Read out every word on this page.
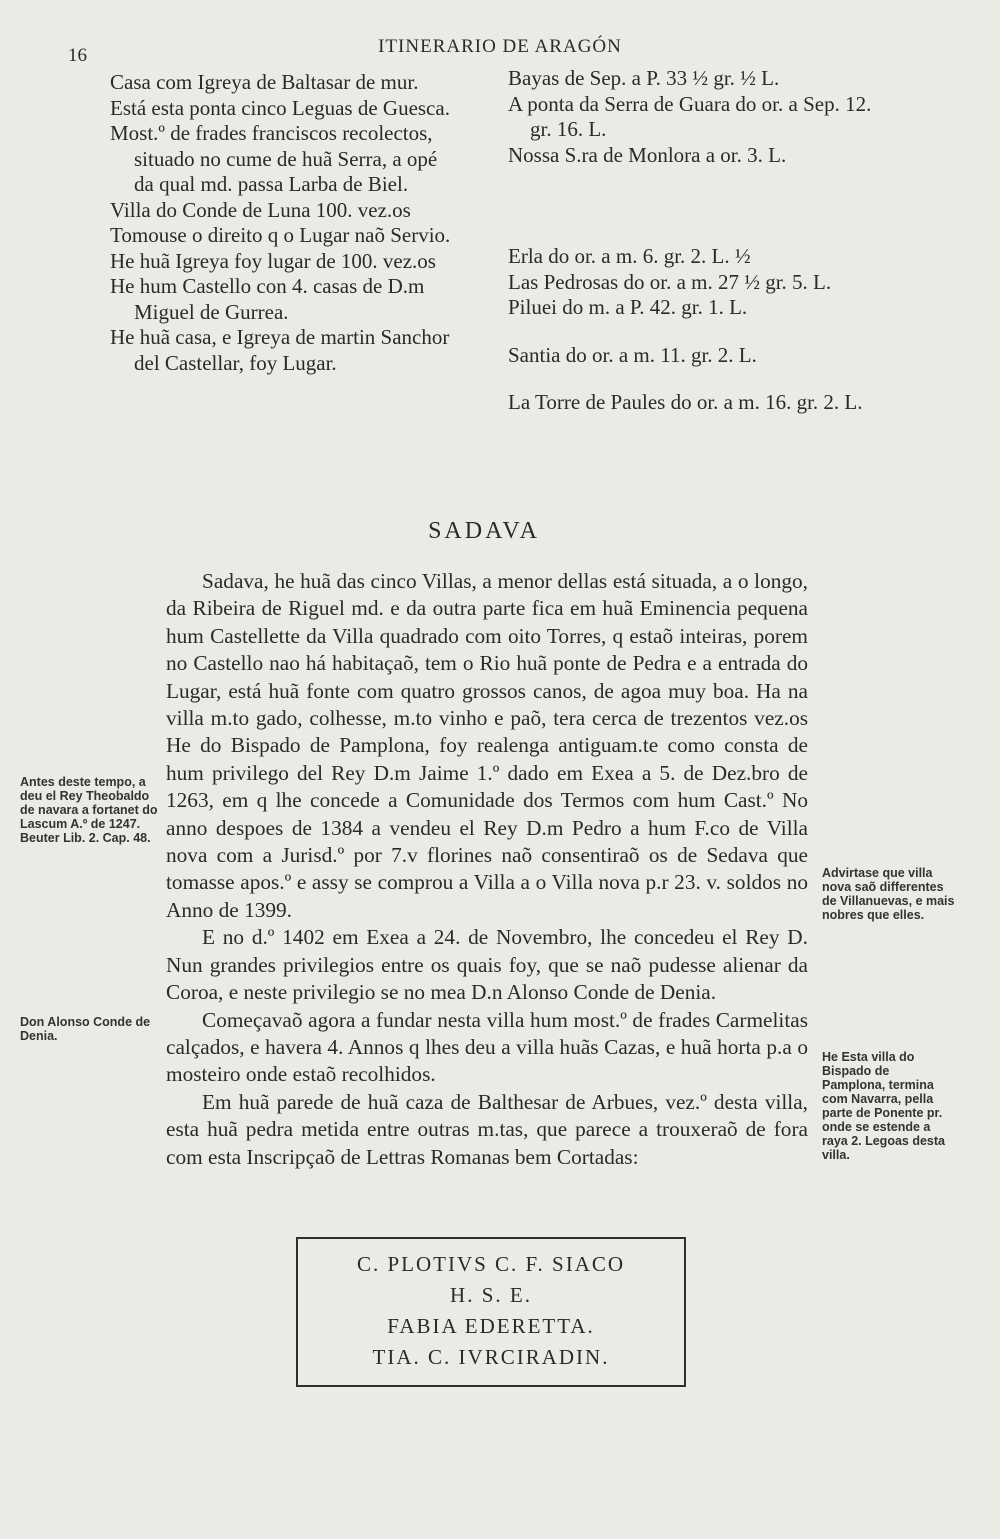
16	ITINERARIO DE ARAGÓN

Casa com Igreya de Baltasar de mur.

Está esta ponta cinco Leguas de Guesca.

Most.º de frades franciscos recolectos, situado no cume de huã Serra, a opé da qual md. passa Larba de Biel.

Villa do Conde de Luna 100. vez.os

Tomouse o direito q o Lugar naõ Servio.

He huã Igreya foy lugar de 100. vez.os

He hum Castello con 4. casas de D.m Miguel de Gurrea.

He huã casa, e Igreya de martin Sanchor del Castellar, foy Lugar.

Bayas de Sep. a P. 33 ½ gr. ½ L.

A ponta da Serra de Guara do or. a Sep. 12. gr. 16. L.

Nossa S.ra de Monlora a or. 3. L.

Erla do or. a m. 6. gr. 2. L. ½

Las Pedrosas do or. a m. 27 ½ gr. 5. L.

Piluei do m. a P. 42. gr. 1. L.

Santia do or. a m. 11. gr. 2. L.

La Torre de Paules do or. a m. 16. gr. 2. L.

SADAVA

Sadava, he huã das cinco Villas, a menor dellas está situada, a o longo, da Ribeira de Riguel md. e da outra parte fica em huã Eminencia pequena hum Castellette da Villa quadrado com oito Torres, q estaõ inteiras, porem no Castello nao há habitaçaõ, tem o Rio huã ponte de Pedra e a entrada do Lugar, está huã fonte com quatro grossos canos, de agoa muy boa. Ha na villa m.to gado, colhesse, m.to vinho e paõ, tera cerca de trezentos vez.os He do Bispado de Pamplona, foy realenga antiguam.te como consta de hum privilego del Rey D.m Jaime 1.º dado em Exea a 5. de Dez.bro de 1263, em q lhe concede a Comunidade dos Termos com hum Cast.º No anno despoes de 1384 a vendeu el Rey D.m Pedro a hum F.co de Villa nova com a Jurisd.º por 7.v florines naõ consentiraõ os de Sedava que tomasse apos.º e assy se comprou a Villa a o Villa nova p.r 23. v. soldos no Anno de 1399.

E no d.º 1402 em Exea a 24. de Novembro, lhe concedeu el Rey D. Nun grandes privilegios entre os quais foy, que se naõ pudesse alienar da Coroa, e neste privilegio se no mea D.n Alonso Conde de Denia.

Começavaõ agora a fundar nesta villa hum most.º de frades Carmelitas calçados, e havera 4. Annos q lhes deu a villa huãs Cazas, e huã horta p.a o mosteiro onde estaõ recolhidos.

Em huã parede de huã caza de Balthesar de Arbues, vez.º desta villa, esta huã pedra metida entre outras m.tas, que parece a trouxeraõ de fora com esta Inscripçaõ de Lettras Romanas bem Cortadas:

Antes deste tempo, a deu el Rey Theobaldo de navara a fortanet do Lascum A.º de 1247. Beuter Lib. 2. Cap. 48.
Don Alonso Conde de Denia.
Advirtase que villa nova saõ differentes de Villanuevas, e mais nobres que elles.
He Esta villa do Bispado de Pamplona, termina com Navarra, pella parte de Ponente pr. onde se estende a raya 2. Legoas desta villa.
C. PLOTIVS C. F. SIACO
H. S. E.
FABIA EDERETTA.
TIA. C. IVRCIRADIN.
